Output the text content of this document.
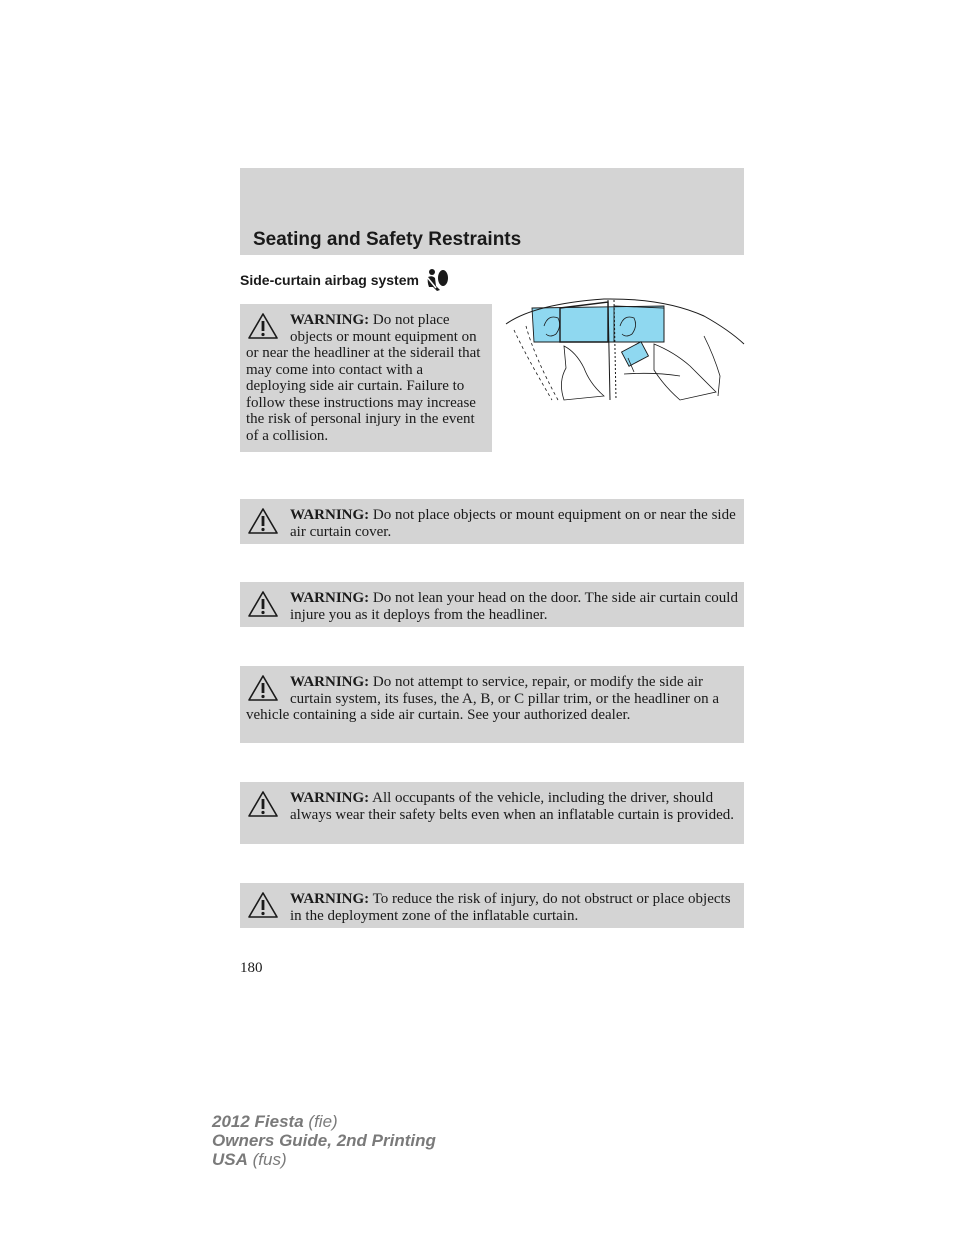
Seating and Safety Restraints
Side-curtain airbag system
WARNING: Do not place objects or mount equipment on or near the headliner at the siderail that may come into contact with a deploying side air curtain. Failure to follow these instructions may increase the risk of personal injury in the event of a collision.
WARNING: Do not place objects or mount equipment on or near the side air curtain cover.
WARNING: Do not lean your head on the door. The side air curtain could injure you as it deploys from the headliner.
WARNING: Do not attempt to service, repair, or modify the side air curtain system, its fuses, the A, B, or C pillar trim, or the headliner on a vehicle containing a side air curtain. See your authorized dealer.
WARNING: All occupants of the vehicle, including the driver, should always wear their safety belts even when an inflatable curtain is provided.
WARNING: To reduce the risk of injury, do not obstruct or place objects in the deployment zone of the inflatable curtain.
180
2012 Fiesta (fie)
Owners Guide, 2nd Printing
USA (fus)
